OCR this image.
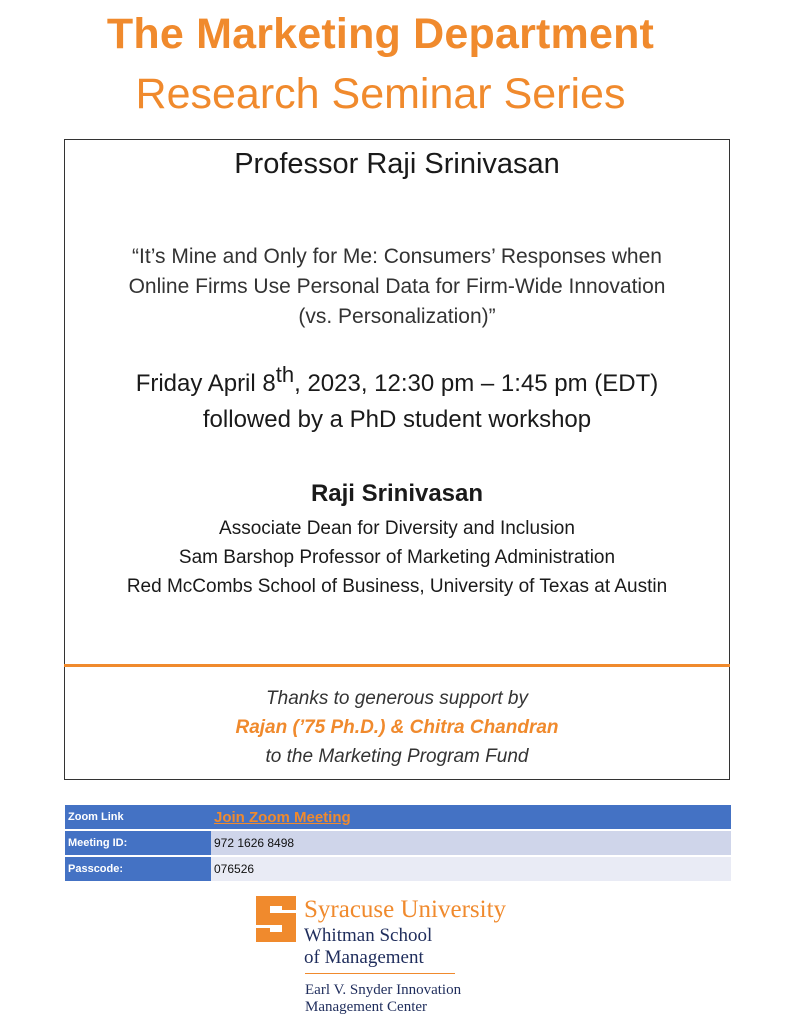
The Marketing Department
Research Seminar Series
Professor Raji Srinivasan
“It’s Mine and Only for Me: Consumers’ Responses when
Online Firms Use Personal Data for Firm-Wide Innovation
(vs. Personalization)”
Friday April 8th, 2023, 12:30 pm – 1:45 pm (EDT)
followed by a PhD student workshop
Raji Srinivasan
Associate Dean for Diversity and Inclusion
Sam Barshop Professor of Marketing Administration
Red McCombs School of Business, University of Texas at Austin
Thanks to generous support by
Rajan (’75 Ph.D.) & Chitra Chandran
to the Marketing Program Fund
Zoom Link	Join Zoom Meeting
Meeting ID:	972 1626 8498
Passcode:	076526
Syracuse University
Whitman School
of Management
Earl V. Snyder Innovation
Management Center
